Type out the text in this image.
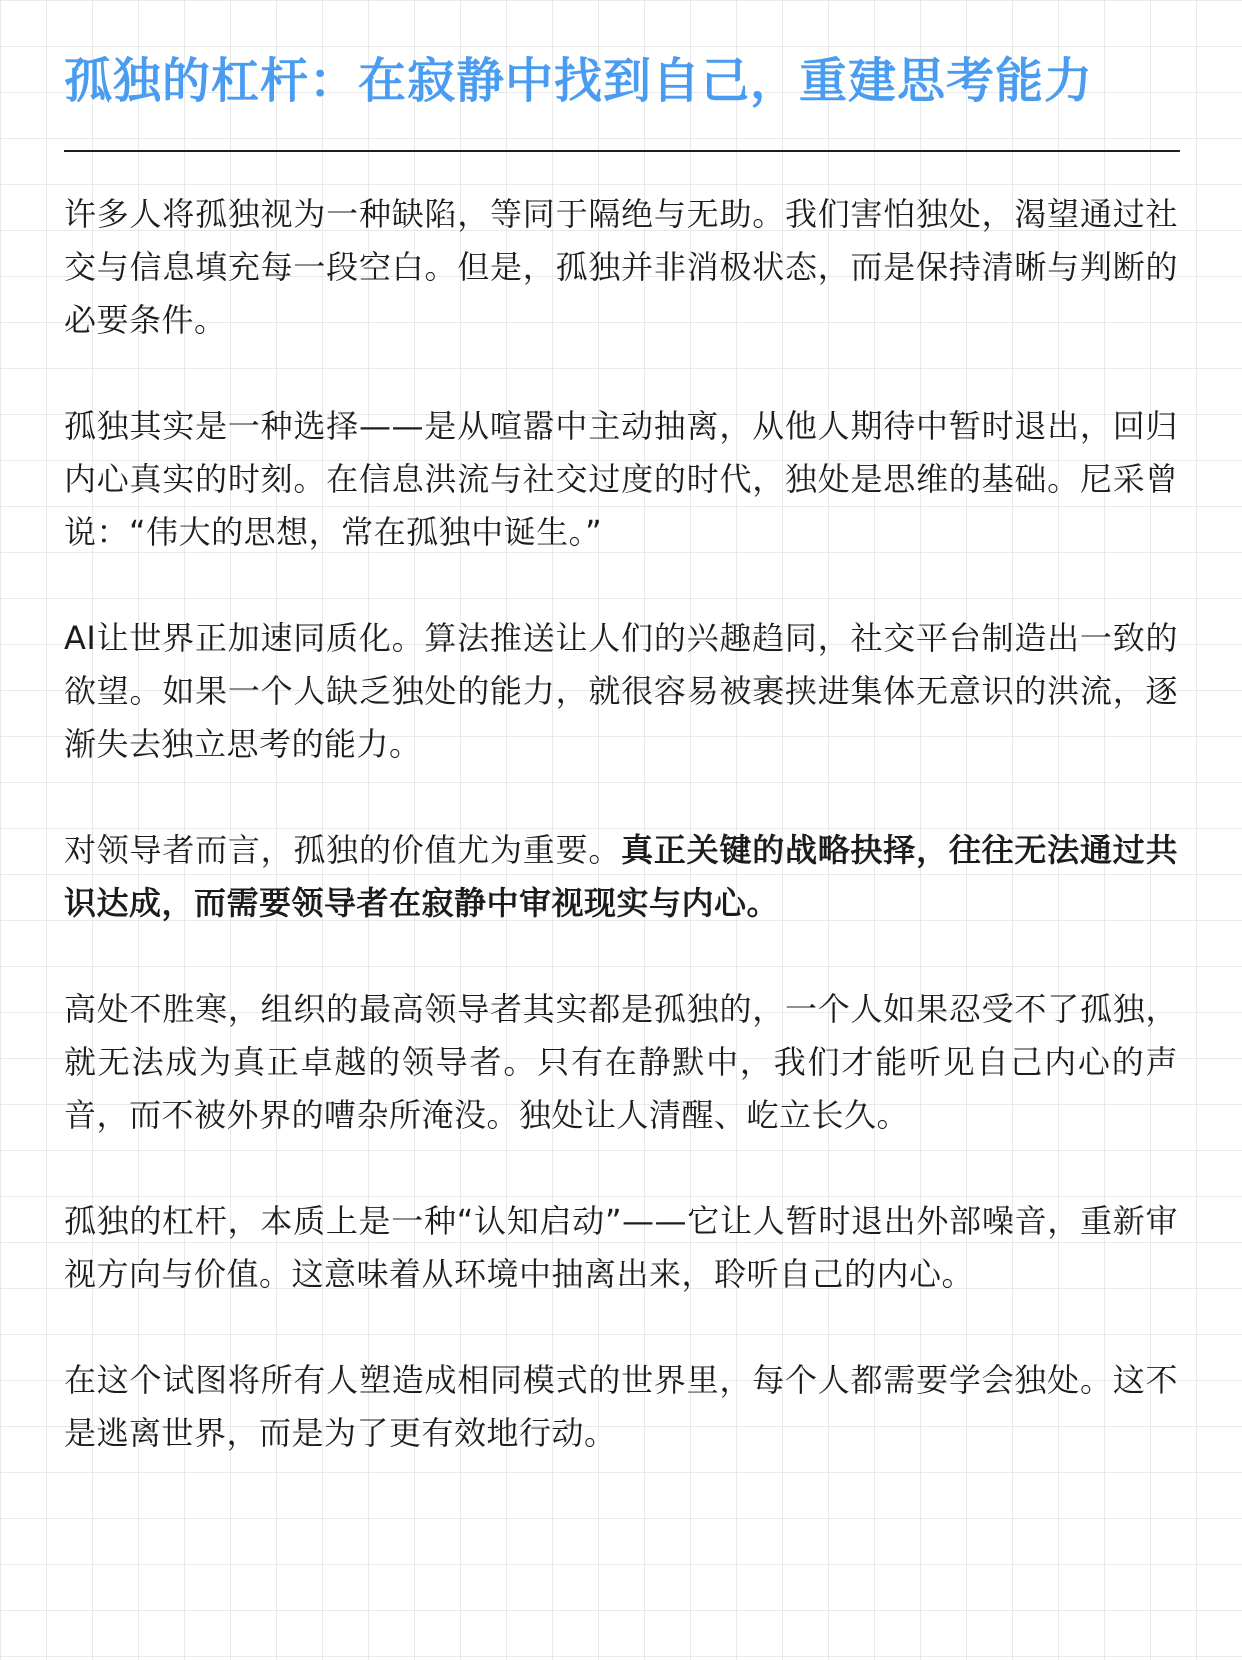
孤独的杠杆：在寂静中找到自己，重建思考能力

许多人将孤独视为一种缺陷，等同于隔绝与无助。我们害怕独处，渴望通过社交与信息填充每一段空白。但是，孤独并非消极状态，而是保持清晰与判断的必要条件。

孤独其实是一种选择——是从喧嚣中主动抽离，从他人期待中暂时退出，回归内心真实的时刻。在信息洪流与社交过度的时代，独处是思维的基础。尼采曾说：“伟大的思想，常在孤独中诞生。”

AI让世界正加速同质化。算法推送让人们的兴趣趋同，社交平台制造出一致的欲望。如果一个人缺乏独处的能力，就很容易被裹挟进集体无意识的洪流，逐渐失去独立思考的能力。

对领导者而言，孤独的价值尤为重要。真正关键的战略抉择，往往无法通过共识达成，而需要领导者在寂静中审视现实与内心。

高处不胜寒，组织的最高领导者其实都是孤独的，一个人如果忍受不了孤独，就无法成为真正卓越的领导者。只有在静默中，我们才能听见自己内心的声音，而不被外界的嘈杂所淹没。独处让人清醒、屹立长久。

孤独的杠杆，本质上是一种“认知启动”——它让人暂时退出外部噪音，重新审视方向与价值。这意味着从环境中抽离出来，聆听自己的内心。

在这个试图将所有人塑造成相同模式的世界里，每个人都需要学会独处。这不是逃离世界，而是为了更有效地行动。
